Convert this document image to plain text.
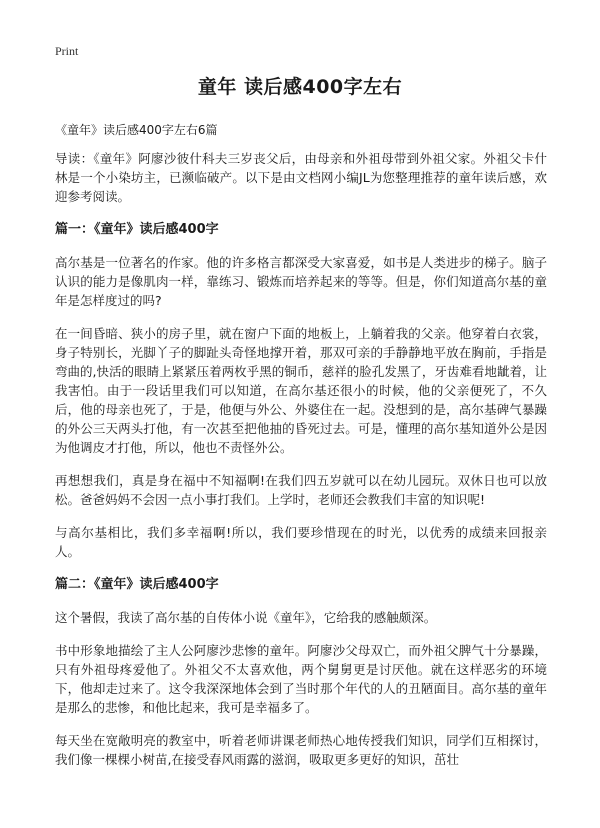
Print
童年 读后感400字左右
《童年》读后感400字左右6篇

导读：《童年》阿廖沙彼什科夫三岁丧父后，由母亲和外祖母带到外祖父家。外祖父卡什林是一个小染坊主，已濒临破产。以下是由文档网小编JL为您整理推荐的童年读后感，欢迎参考阅读。

篇一：《童年》读后感400字

高尔基是一位著名的作家。他的许多格言都深受大家喜爱，如书是人类进步的梯子。脑子认识的能力是像肌肉一样，靠练习、锻炼而培养起来的等等。但是，你们知道高尔基的童年是怎样度过的吗?

在一间昏暗、狭小的房子里，就在窗户下面的地板上，上躺着我的父亲。他穿着白衣裳，身子特别长，光脚丫子的脚趾头奇怪地撑开着，那双可亲的手静静地平放在胸前，手指是弯曲的,快活的眼睛上紧紧压着两枚乎黑的铜币，慈祥的脸孔发黑了，牙齿难看地龇着，让我害怕。由于一段话里我们可以知道，在高尔基还很小的时候，他的父亲便死了，不久后，他的母亲也死了，于是，他便与外公、外婆住在一起。没想到的是，高尔基碑气暴躁的外公三天两头打他，有一次甚至把他抽的昏死过去。可是，懂理的高尔基知道外公是因为他调皮才打他，所以，他也不责怪外公。

再想想我们，真是身在福中不知福啊!在我们四五岁就可以在幼儿园玩。双休日也可以放松。爸爸妈妈不会因一点小事打我们。上学时，老师还会教我们丰富的知识呢!

与高尔基相比，我们多幸福啊!所以，我们要珍惜现在的时光，以优秀的成绩来回报亲人。

篇二：《童年》读后感400字

这个暑假，我读了高尔基的自传体小说《童年》，它给我的感触颇深。

书中形象地描绘了主人公阿廖沙悲惨的童年。阿廖沙父母双亡，而外祖父脾气十分暴躁，只有外祖母疼爱他了。外祖父不太喜欢他，两个舅舅更是讨厌他。就在这样恶劣的环境下，他却走过来了。这令我深深地体会到了当时那个年代的人的丑陋面目。高尔基的童年是那么的悲惨，和他比起来，我可是幸福多了。

每天坐在宽敞明亮的教室中，听着老师讲课老师热心地传授我们知识，同学们互相探讨，我们像一棵棵小树苗,在接受春风雨露的滋润，吸取更多更好的知识，茁壮
